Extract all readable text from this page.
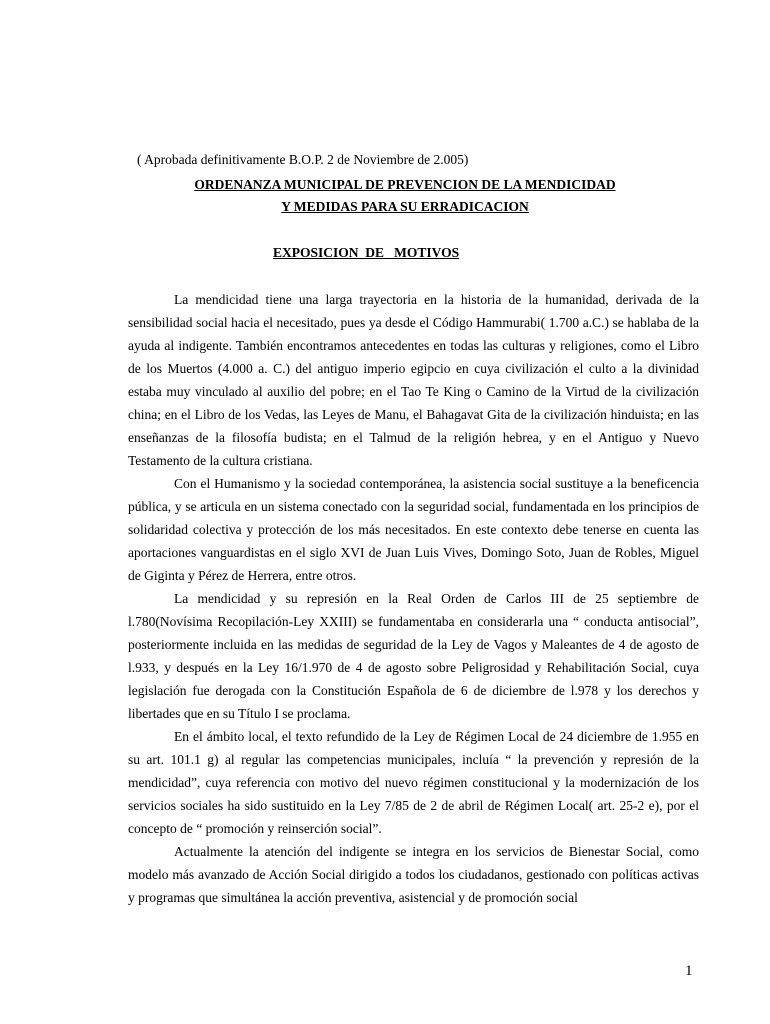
( Aprobada definitivamente B.O.P. 2 de Noviembre de 2.005)
ORDENANZA MUNICIPAL DE PREVENCION DE LA MENDICIDAD
Y MEDIDAS PARA SU ERRADICACION
EXPOSICION  DE   MOTIVOS

La mendicidad tiene una larga trayectoria en la historia de la humanidad, derivada de la sensibilidad social hacia el necesitado, pues ya desde el Código Hammurabi( 1.700 a.C.) se hablaba de la ayuda al indigente. También encontramos antecedentes en todas las culturas y religiones, como el Libro de los Muertos (4.000 a. C.) del antiguo imperio egipcio en cuya civilización el culto a la divinidad estaba muy vinculado al auxilio del pobre; en el Tao Te King o Camino de la Virtud de la civilización china; en el Libro de los Vedas, las Leyes de Manu, el Bahagavat Gita de la civilización hinduista; en las enseñanzas de la filosofía budista; en el Talmud de la religión hebrea, y en el Antiguo y Nuevo Testamento de la cultura cristiana.

Con el Humanismo y la sociedad contemporánea, la asistencia social sustituye a la beneficencia pública, y se articula en un sistema conectado con la seguridad social, fundamentada en los principios de solidaridad colectiva y protección de los más necesitados. En este contexto debe tenerse en cuenta las aportaciones vanguardistas en el siglo XVI de Juan Luis Vives, Domingo Soto, Juan de Robles, Miguel de Giginta y Pérez de Herrera, entre otros.

La mendicidad y su represión en la Real Orden de Carlos III de 25 septiembre de l.780(Novísima Recopilación-Ley XXIII) se fundamentaba en considerarla una “ conducta antisocial”, posteriormente incluida en las medidas de seguridad de la Ley de Vagos y Maleantes de 4 de agosto de l.933, y después en la Ley 16/1.970 de 4 de agosto sobre Peligrosidad y Rehabilitación Social, cuya legislación fue derogada con la Constitución Española de 6 de diciembre de l.978 y los derechos y libertades que en su Título I se proclama.

En el ámbito local, el texto refundido de la Ley de Régimen Local de 24 diciembre de 1.955 en su art. 101.1 g) al regular las competencias municipales, incluía “ la prevención y represión de la mendicidad”, cuya referencia con motivo del nuevo régimen constitucional y la modernización de los servicios sociales ha sido sustituido en la Ley 7/85 de 2 de abril de Régimen Local( art. 25-2 e), por el concepto de “ promoción y reinserción social”.

Actualmente la atención del indigente se integra en los servicios de Bienestar Social, como modelo más avanzado de Acción Social dirigido a todos los ciudadanos, gestionado con políticas activas y programas que simultánea la acción preventiva, asistencial y de promoción social

1
